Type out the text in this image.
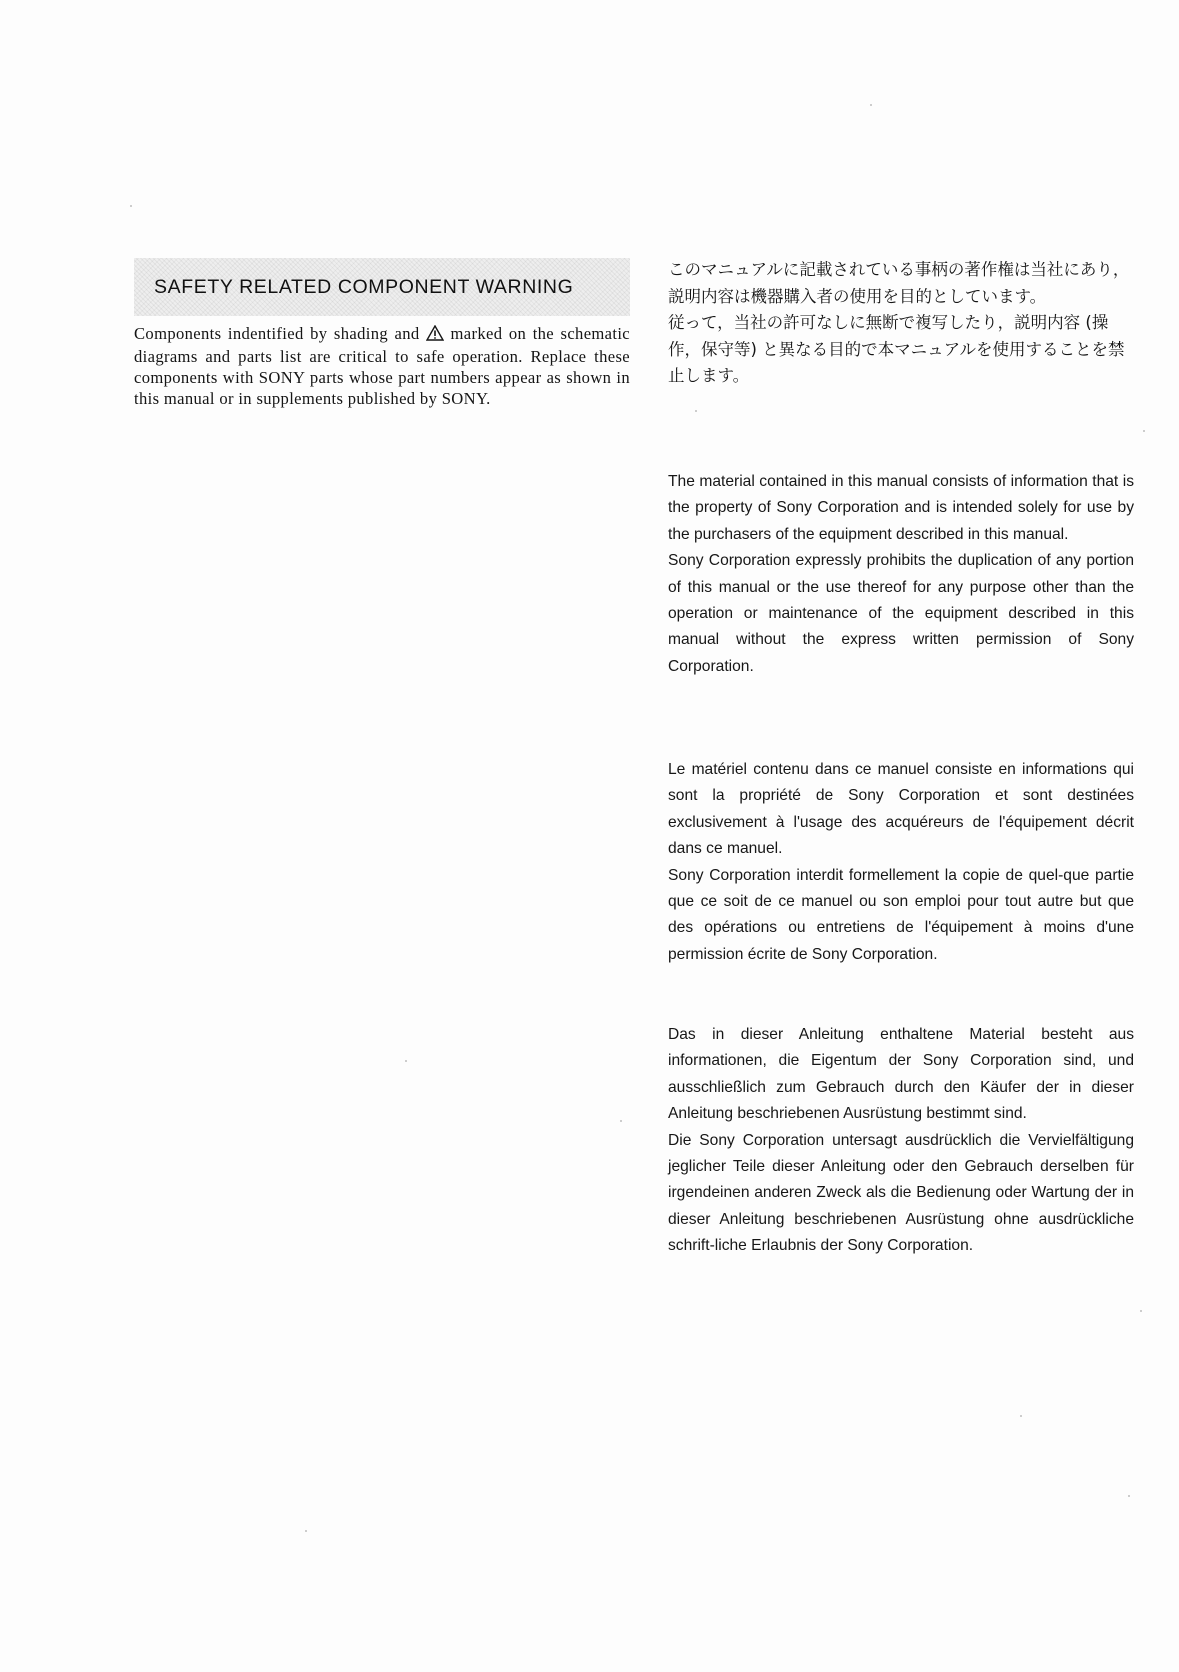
SAFETY RELATED COMPONENT WARNING
Components indentified by shading and marked on the schematic diagrams and parts list are critical to safe operation. Replace these components with SONY parts whose part numbers appear as shown in this manual or in supplements published by SONY.

このマニュアルに記載されている事柄の著作権は当社にあり，説明内容は機器購入者の使用を目的としています。

従って，当社の許可なしに無断で複写したり，説明内容 (操作，保守等) と異なる目的で本マニュアルを使用することを禁止します。

The material contained in this manual consists of information that is the property of Sony Corporation and is intended solely for use by the purchasers of the equipment described in this manual.

Sony Corporation expressly prohibits the duplication of any portion of this manual or the use thereof for any purpose other than the operation or maintenance of the equipment described in this manual without the express written permission of Sony Corporation.

Le matériel contenu dans ce manuel consiste en informations qui sont la propriété de Sony Corporation et sont destinées exclusivement à l'usage des acquéreurs de l'équipement décrit dans ce manuel.

Sony Corporation interdit formellement la copie de quel-que partie que ce soit de ce manuel ou son emploi pour tout autre but que des opérations ou entretiens de l'équipement à moins d'une permission écrite de Sony Corporation.

Das in dieser Anleitung enthaltene Material besteht aus informationen, die Eigentum der Sony Corporation sind, und ausschließlich zum Gebrauch durch den Käufer der in dieser Anleitung beschriebenen Ausrüstung bestimmt sind.

Die Sony Corporation untersagt ausdrücklich die Vervielfältigung jeglicher Teile dieser Anleitung oder den Gebrauch derselben für irgendeinen anderen Zweck als die Bedienung oder Wartung der in dieser Anleitung beschriebenen Ausrüstung ohne ausdrückliche schrift-liche Erlaubnis der Sony Corporation.
